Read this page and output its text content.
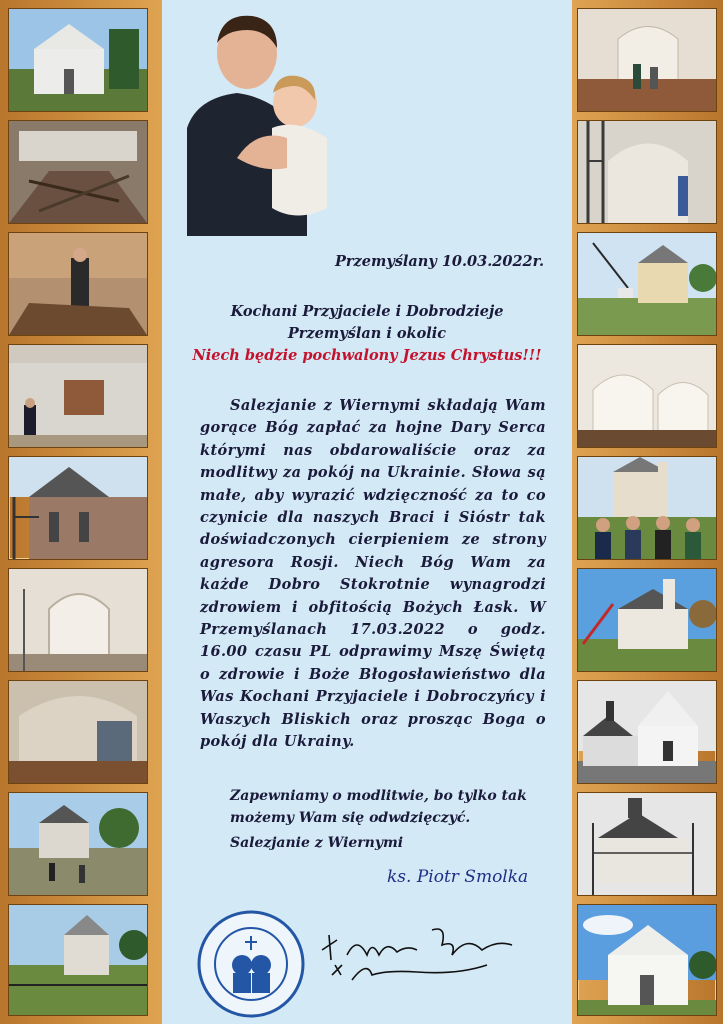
Przemyślany 10.03.2022r.
Kochani Przyjaciele i Dobrodzieje
Przemyślan i okolic
Niech będzie pochwalony Jezus Chrystus!!!
Salezjanie z Wiernymi składają Wam gorące Bóg zapłać za hojne Dary Serca którymi nas obdarowaliście oraz za modlitwy za pokój na Ukrainie. Słowa są małe, aby wyrazić wdzięczność za to co czynicie dla naszych Braci i Sióstr tak doświadczonych cierpieniem ze strony agresora Rosji. Niech Bóg Wam za każde Dobro Stokrotnie wynagrodzi zdrowiem i obfitością Bożych Łask. W Przemyślanach 17.03.2022 o godz. 16.00 czasu PL odprawimy Mszę Świętą o zdrowie i Boże Błogosławieństwo dla Was Kochani Przyjaciele i Dobroczyńcy i Waszych Bliskich oraz prosząc Boga o pokój dla Ukrainy.
Zapewniamy o modlitwie, bo tylko tak
możemy Wam się odwdzięczyć.
Salezjanie z Wiernymi
ks. Piotr Smolka
